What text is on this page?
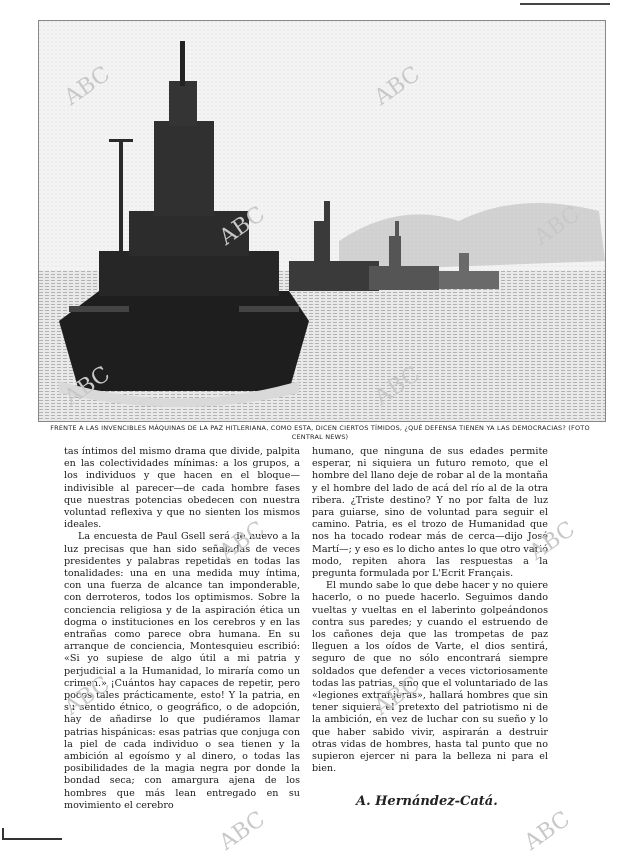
FRENTE A LAS INVENCIBLES MÁQUINAS DE LA PAZ HITLERIANA, COMO ESTA, DICEN CIERTOS TÍMIDOS, ¿QUÉ DEFENSA TIENEN YA LAS DEMOCRACIAS? (FOTO CENTRAL NEWS)

tas íntimos del mismo drama que divide, palpita en las colectividades mínimas: a los grupos, a los individuos y que hacen en el bloque—indivisible al parecer—de cada hombre fases que nuestras potencias obedecen con nuestra voluntad reflexiva y que no sienten los mismos ideales.

La encuesta de Paul Gsell será de nuevo a la luz precisas que han sido señaladas de veces presidentes y palabras repetidas en todas las tonalidades: una en una medida muy íntima, con una fuerza de alcance tan imponderable, con derroteros, todos los optimismos. Sobre la conciencia religiosa y de la aspiración ética un dogma o instituciones en los cerebros y en las entrañas como parece obra humana. En su arranque de conciencia, Montesquieu escribió: «Si yo supiese de algo útil a mi patria y perjudicial a la Humanidad, lo miraría como un crimen.» ¡Cuántos hay capaces de repetir, pero pocos tales prácticamente, esto! Y la patria, en su sentido étnico, o geográfico, o de adopción, hay de añadirse lo que pudiéramos llamar patrias hispánicas: esas patrias que conjuga con la piel de cada individuo o sea tienen y la ambición al egoísmo y al dinero, o todas las posibilidades de la magia negra por donde la bondad seca; con amargura ajena de los hombres que más lean entregado en su movimiento el cerebro

humano, que ninguna de sus edades permite esperar, ni siquiera un futuro remoto, que el hombre del llano deje de robar al de la montaña y el hombre del lado de acá del río al de la otra ribera. ¿Triste destino? Y no por falta de luz para guiarse, sino de voluntad para seguir el camino. Patria, es el trozo de Humanidad que nos ha tocado rodear más de cerca—dijo José Martí—; y eso es lo dicho antes lo que otro varió modo, repiten ahora las respuestas a la pregunta formulada por L'Ecrit Français.

El mundo sabe lo que debe hacer y no quiere hacerlo, o no puede hacerlo. Seguimos dando vueltas y vueltas en el laberinto golpeándonos contra sus paredes; y cuando el estruendo de los cañones deja que las trompetas de paz lleguen a los oídos de Varte, el dios sentirá, seguro de que no sólo encontrará siempre soldados que defender a veces victoriosamente todas las patrias, sino que el voluntariado de las «legiones extranjeras», hallará hombres que sin tener siquiera el pretexto del patriotismo ni de la ambición, en vez de luchar con su sueño y lo que haber sabido vivir, aspirarán a destruir otras vidas de hombres, hasta tal punto que no supieron ejercer ni para la belleza ni para el bien.

A. Hernández-Catá.
ABC	ABC
ABC	ABC
ABC	ABC
ABC	ABC
ABC	ABC
ABC	ABC
